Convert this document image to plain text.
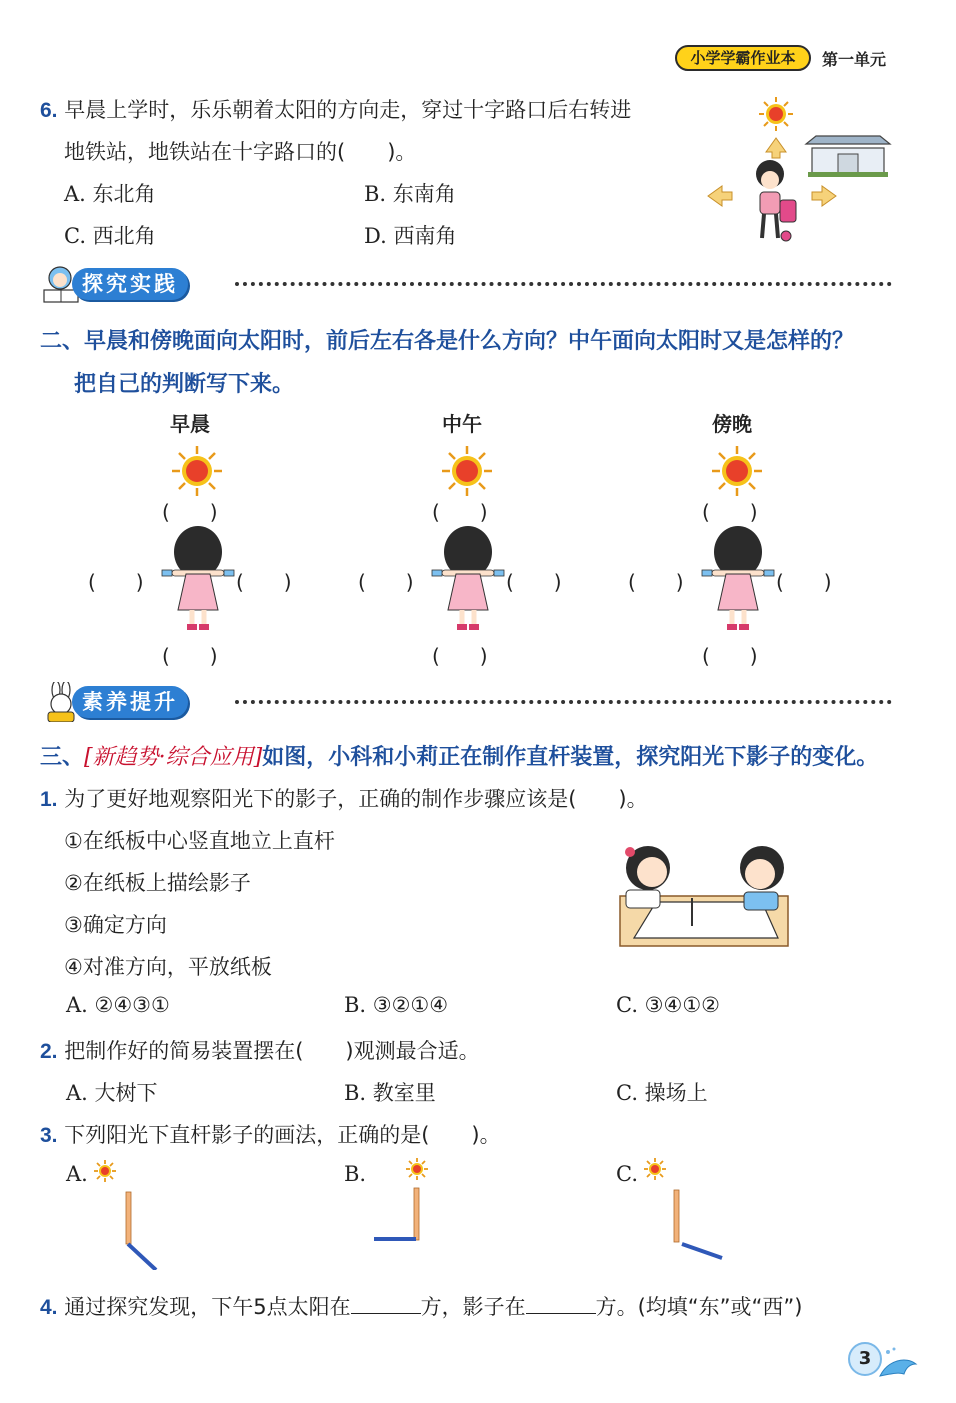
小学学霸作业本	第一单元
6. 早晨上学时，乐乐朝着太阳的方向走，穿过十字路口后右转进
地铁站，地铁站在十字路口的(　　)。
A. 东北角	B. 东南角
C. 西北角	D. 西南角
探究实践
二、早晨和傍晚面向太阳时，前后左右各是什么方向？中午面向太阳时又是怎样的？
把自己的判断写下来。
早晨
(　　)
(　　)	(　　)
(　　)
中午
(　　)
(　　)	(　　)
(　　)
傍晚
(　　)
(　　)	(　　)
(　　)
素养提升
三、[新趋势·综合应用]如图，小科和小莉正在制作直杆装置，探究阳光下影子的变化。
1. 为了更好地观察阳光下的影子，正确的制作步骤应该是(　　)。
①在纸板中心竖直地立上直杆
②在纸板上描绘影子
③确定方向
④对准方向，平放纸板
A. ②④③①	B. ③②①④	C. ③④①②
2. 把制作好的简易装置摆在(　　)观测最合适。
A. 大树下	B. 教室里	C. 操场上
3. 下列阳光下直杆影子的画法，正确的是(　　)。
A.	B.	C.
4. 通过探究发现，下午5点太阳在	方，影子在	方。(均填“东”或“西”)
3
